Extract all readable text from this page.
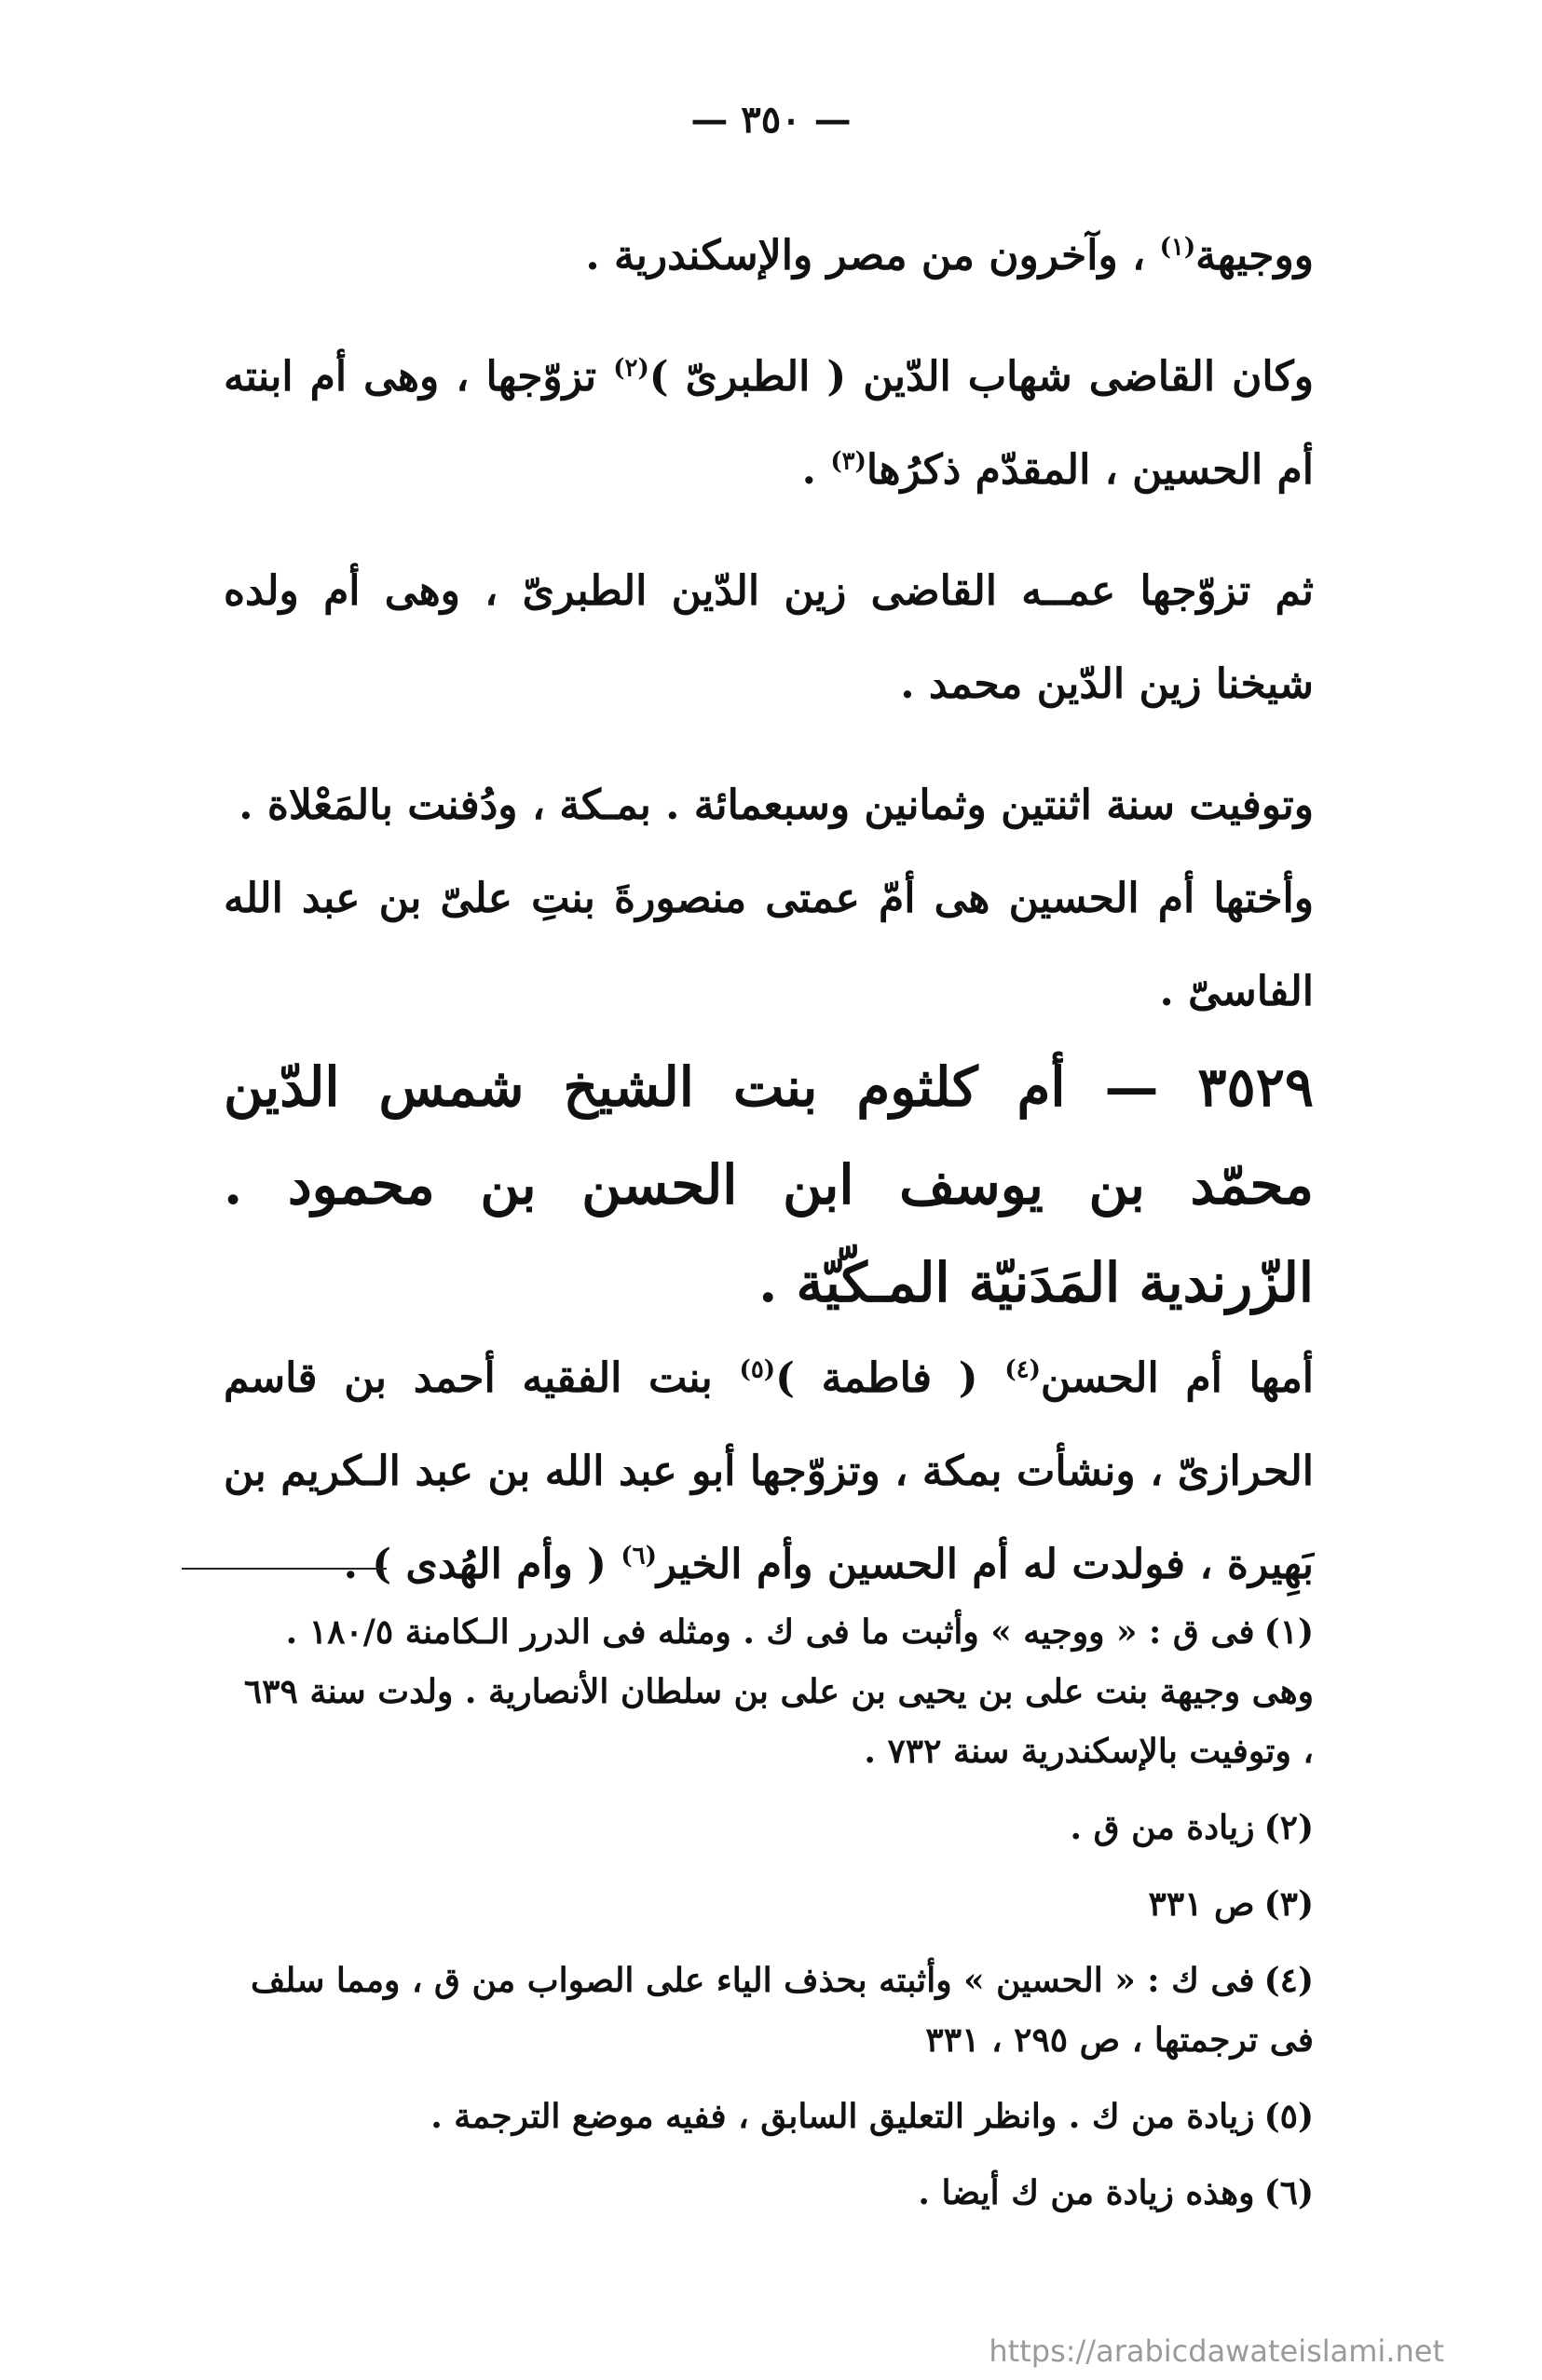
— ٣٥٠ —

ووجيهة$^{(١)}$ ، وآخرون من مصر والإسكندرية .

وكان القاضى شهاب الدّين ( الطبرىّ )$^{(٢)}$ تزوّجها ، وهى أم ابنته أم الحسين ، المقدّم ذكرُها$^{(٣)}$ .

ثم تزوّجها عمــه القاضى زين الدّين الطبرىّ ، وهى أم ولده شيخنا زين الدّين محمد .

وتوفيت سنة اثنتين وثمانين وسبعمائة . بمـكة ، ودُفنت بالمَعْلاة .

وأختها أم الحسين هى أمّ عمتى منصورةَ بنتِ علىّ بن عبد الله الفاسىّ .

٣٥٢٩ — أم كلثوم بنت الشيخ شمس الدّين محمّد بن يوسف ابن الحسن بن محمود . الزّرندية المَدَنيّة المـكّيّة .

أمها أم الحسن$^{(٤)}$ ( فاطمة )$^{(٥)}$ بنت الفقيه أحمد بن قاسم الحرازىّ ، ونشأت بمكة ، وتزوّجها أبو عبد الله بن عبد الـكريم بن بَهِيرة ، فولدت له أم الحسين وأم الخير$^{(٦)}$ ( وأم الهُدى ) .

(١)فى ق : « ووجيه » وأثبت ما فى ك . ومثله فى الدرر الـكامنة ١٨٠/٥ . وهى وجيهة بنت على بن يحيى بن على بن سلطان الأنصارية . ولدت سنة ٦٣٩ ، وتوفيت بالإسكندرية سنة ٧٣٢ .

(٢)زيادة من ق .

(٣)ص ٣٣١

(٤)فى ك : « الحسين » وأثبته بحذف الياء على الصواب من ق ، ومما سلف فى ترجمتها ، ص ٢٩٥ ، ٣٣١

(٥)زيادة من ك . وانظر التعليق السابق ، ففيه موضع الترجمة .

(٦)وهذه زيادة من ك أيضا .

https://arabicdawateislami.net
